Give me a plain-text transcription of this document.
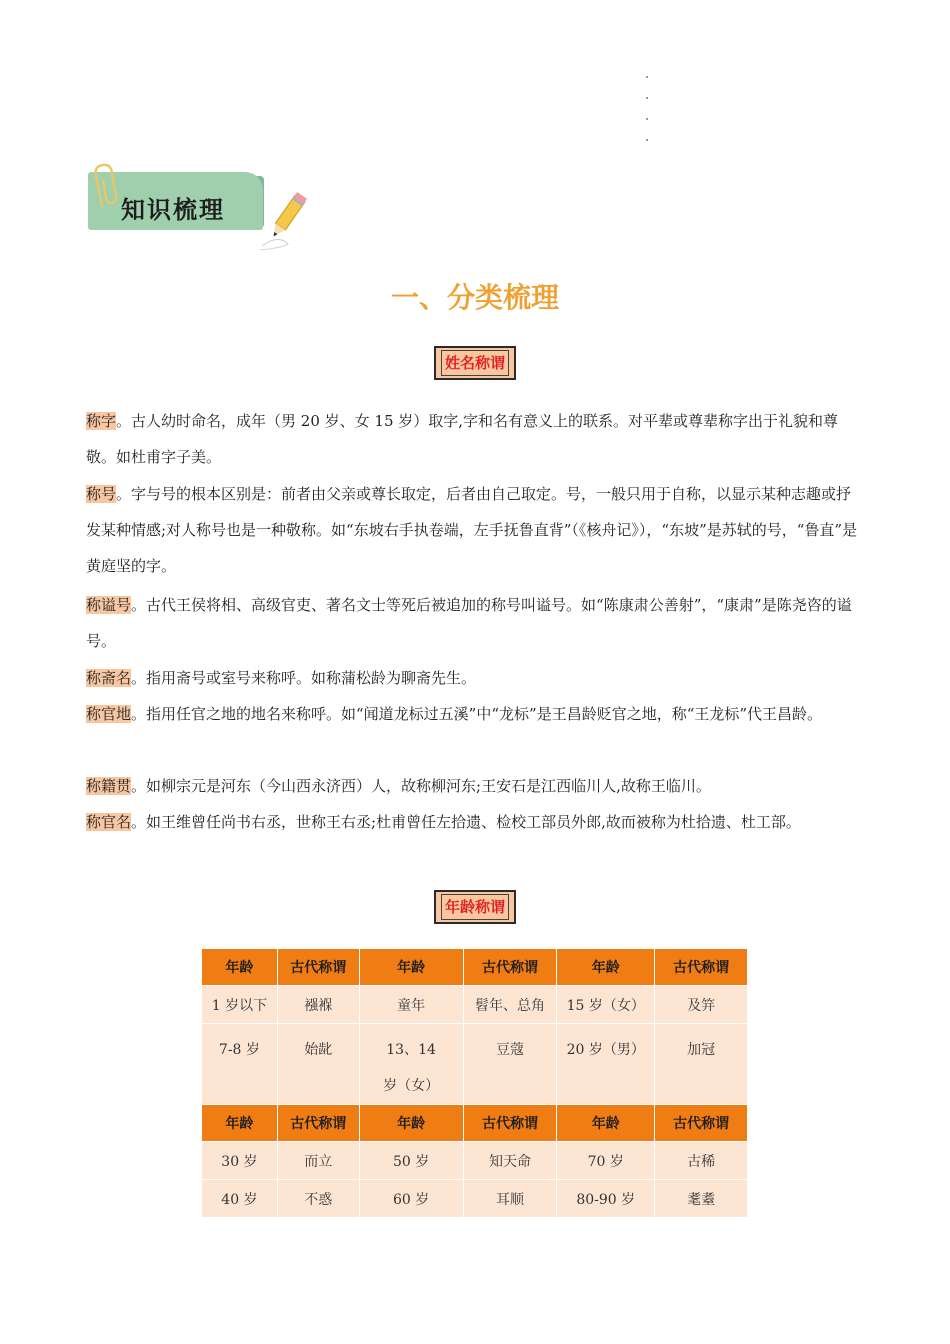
知识梳理
一、分类梳理
姓名称谓
称字。古人幼时命名，成年（男 20 岁、女 15 岁）取字,字和名有意义上的联系。对平辈或尊辈称字出于礼貌和尊敬。如杜甫字子美。
称号。字与号的根本区别是：前者由父亲或尊长取定，后者由自己取定。号，一般只用于自称，以显示某种志趣或抒发某种情感;对人称号也是一种敬称。如“东坡右手执卷端，左手抚鲁直背”（《核舟记》），“东坡”是苏轼的号，“鲁直”是黄庭坚的字。
称谥号。古代王侯将相、高级官吏、著名文士等死后被追加的称号叫谥号。如“陈康肃公善射”，“康肃”是陈尧咨的谥号。
称斋名。指用斋号或室号来称呼。如称蒲松龄为聊斋先生。
称官地。指用任官之地的地名来称呼。如“闻道龙标过五溪”中“龙标”是王昌龄贬官之地，称“王龙标”代王昌龄。
称籍贯。如柳宗元是河东（今山西永济西）人，故称柳河东;王安石是江西临川人,故称王临川。
称官名。如王维曾任尚书右丞，世称王右丞;杜甫曾任左拾遗、检校工部员外郎,故而被称为杜拾遗、杜工部。
年龄称谓
年龄	古代称谓	年龄	古代称谓	年龄	古代称谓
1 岁以下	襁褓	童年	髫年、总角	15 岁（女）	及笄
7-8 岁	始龀	13、14 岁（女）	豆蔻	20 岁（男）	加冠
年龄	古代称谓	年龄	古代称谓	年龄	古代称谓
30 岁	而立	50 岁	知天命	70 岁	古稀
40 岁	不惑	60 岁	耳顺	80-90 岁	耄耋
